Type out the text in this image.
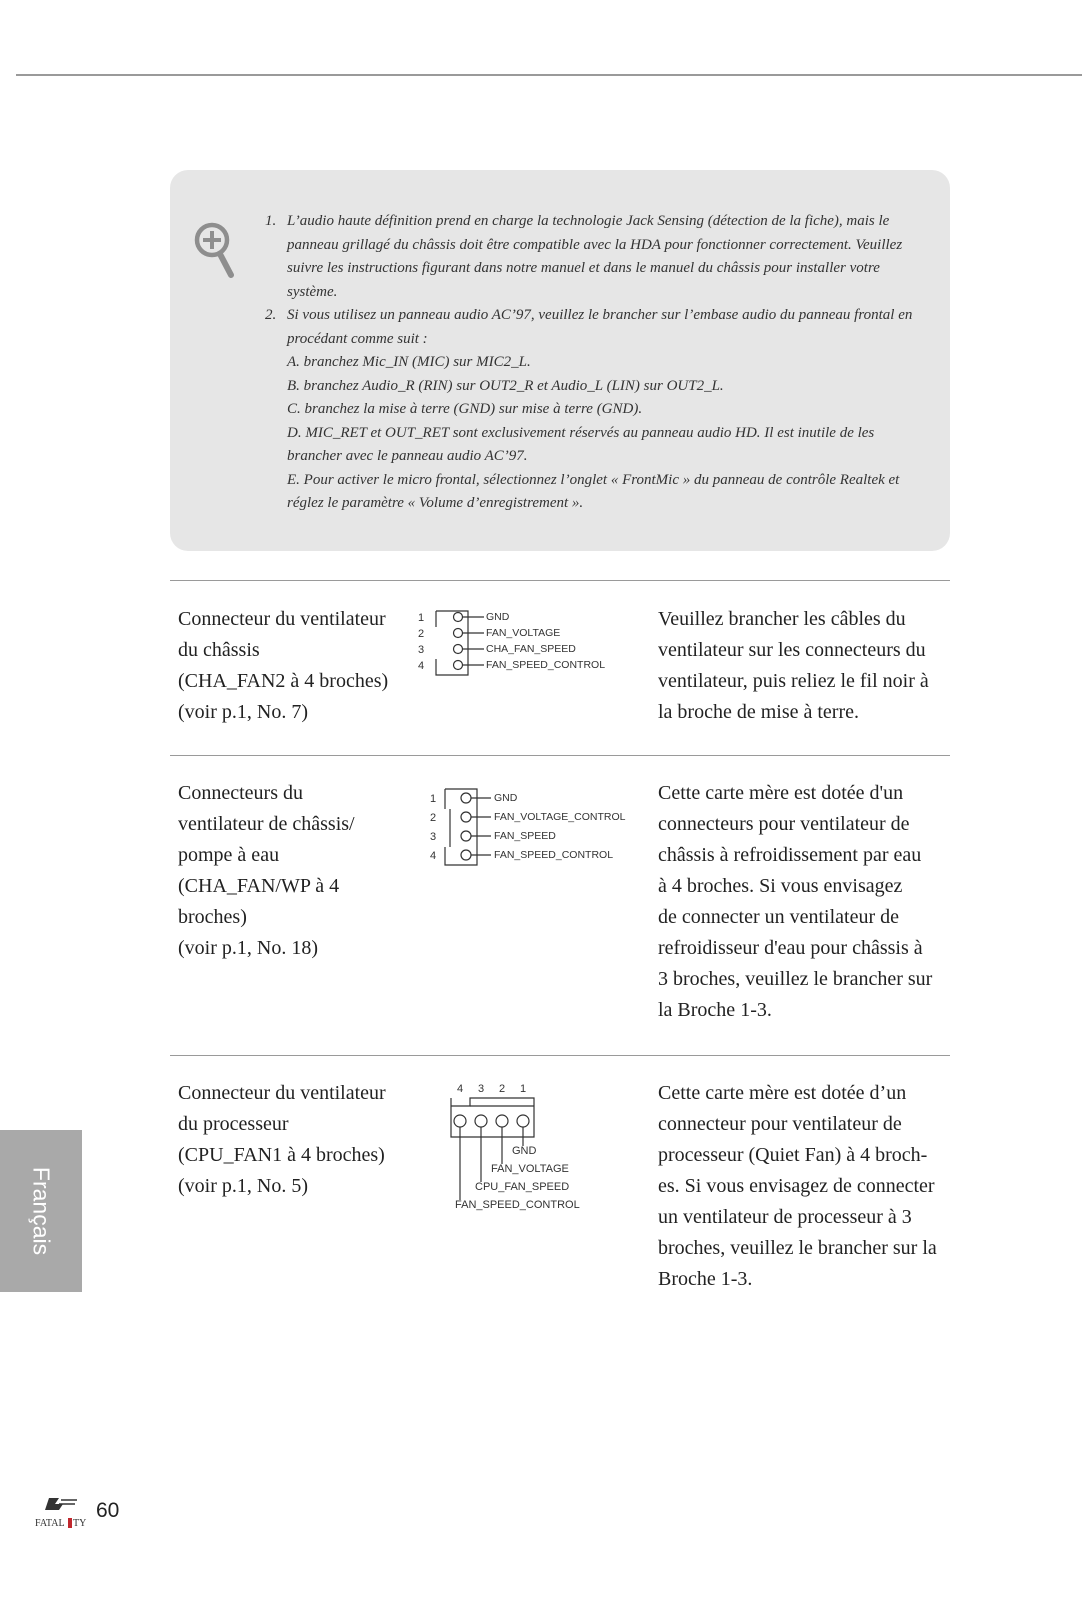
1. L’audio haute définition prend en charge la technologie Jack Sensing (détection de la fiche), mais le panneau grillagé du châssis doit être compatible avec la HDA pour fonctionner correctement. Veuillez suivre les instructions figurant dans notre manuel et dans le manuel du châssis pour installer votre système.
2. Si vous utilisez un panneau audio AC’97, veuillez le brancher sur l’embase audio du panneau frontal en procédant comme suit :
A. branchez Mic_IN (MIC) sur MIC2_L.
B. branchez Audio_R (RIN) sur OUT2_R et Audio_L (LIN) sur OUT2_L.
C. branchez la mise à terre (GND) sur mise à terre (GND).
D. MIC_RET et OUT_RET sont exclusivement réservés au panneau audio HD. Il est inutile de les brancher avec le panneau audio AC’97.
E. Pour activer le micro frontal, sélectionnez l’onglet « FrontMic » du panneau de contrôle Realtek et réglez le paramètre « Volume d’enregistrement ».
Connecteur du ventilateur
du châssis
(CHA_FAN2 à 4 broches)
(voir p.1, No. 7)
1
2
3
4
GND
FAN_VOLTAGE
CHA_FAN_SPEED
FAN_SPEED_CONTROL
Veuillez brancher les câbles du
ventilateur sur les connecteurs du
ventilateur, puis reliez le fil noir à
la broche de mise à terre.
Connecteurs du
ventilateur de châssis/
pompe à eau
(CHA_FAN/WP à 4
broches)
(voir p.1, No. 18)
1
2
3
4
GND
FAN_VOLTAGE_CONTROL
FAN_SPEED
FAN_SPEED_CONTROL
Cette carte mère est dotée d'un
connecteurs pour ventilateur de
châssis à refroidissement par eau
à 4 broches. Si vous envisagez
de connecter un ventilateur de
refroidisseur d'eau pour châssis à
3 broches, veuillez le brancher sur
la Broche 1-3.
Connecteur du ventilateur
du processeur
(CPU_FAN1 à 4 broches)
(voir p.1, No. 5)
4 3 2 1
GND
FAN_VOLTAGE
CPU_FAN_SPEED
FAN_SPEED_CONTROL
Cette carte mère est dotée d’un
connecteur pour ventilateur de
processeur (Quiet Fan) à 4 broch-
es. Si vous envisagez de connecter
un ventilateur de processeur à 3
broches, veuillez le brancher sur la
Broche 1-3.
Français
FATAL TY
60
